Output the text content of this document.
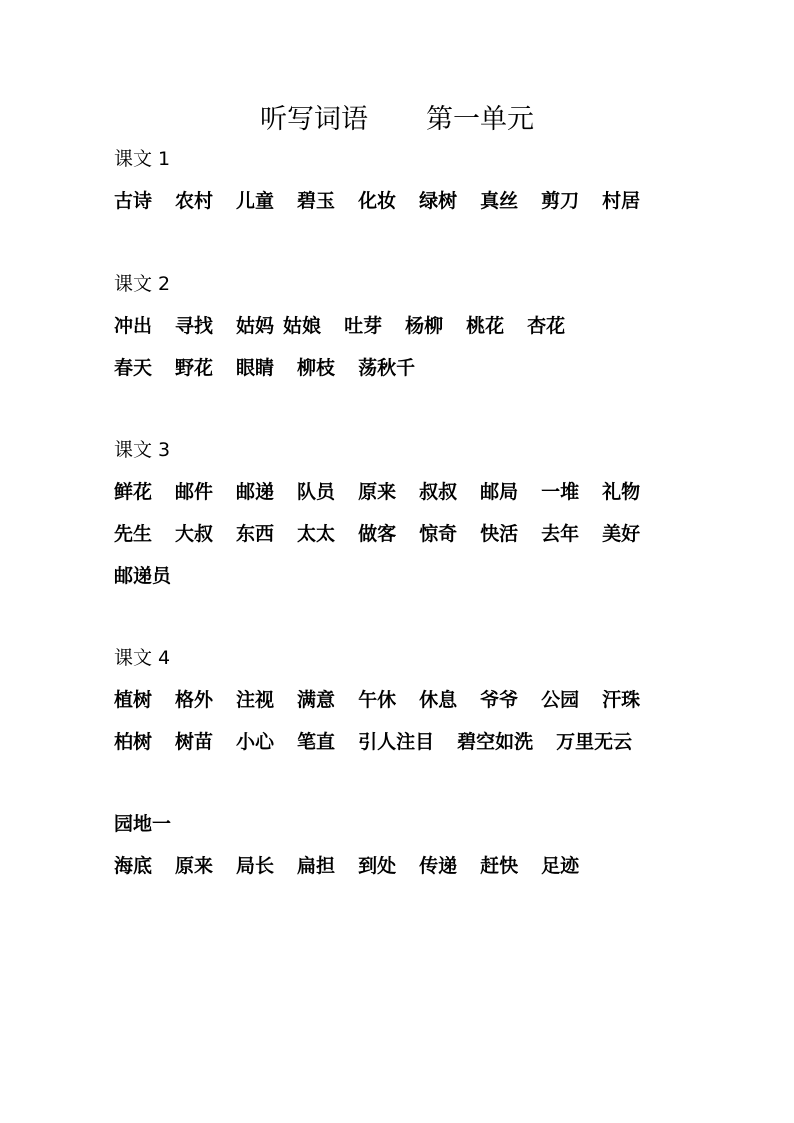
听写词语 第一单元
课文 1
古诗 农村 儿童 碧玉 化妆 绿树 真丝 剪刀 村居
课文 2
冲出 寻找 姑妈 姑娘 吐芽 杨柳 桃花 杏花
春天 野花 眼睛 柳枝 荡秋千
课文 3
鲜花 邮件 邮递 队员 原来 叔叔 邮局 一堆 礼物
先生 大叔 东西 太太 做客 惊奇 快活 去年 美好
邮递员
课文 4
植树 格外 注视 满意 午休 休息 爷爷 公园 汗珠
柏树 树苗 小心 笔直 引人注目 碧空如洗 万里无云
园地一
海底 原来 局长 扁担 到处 传递 赶快 足迹
